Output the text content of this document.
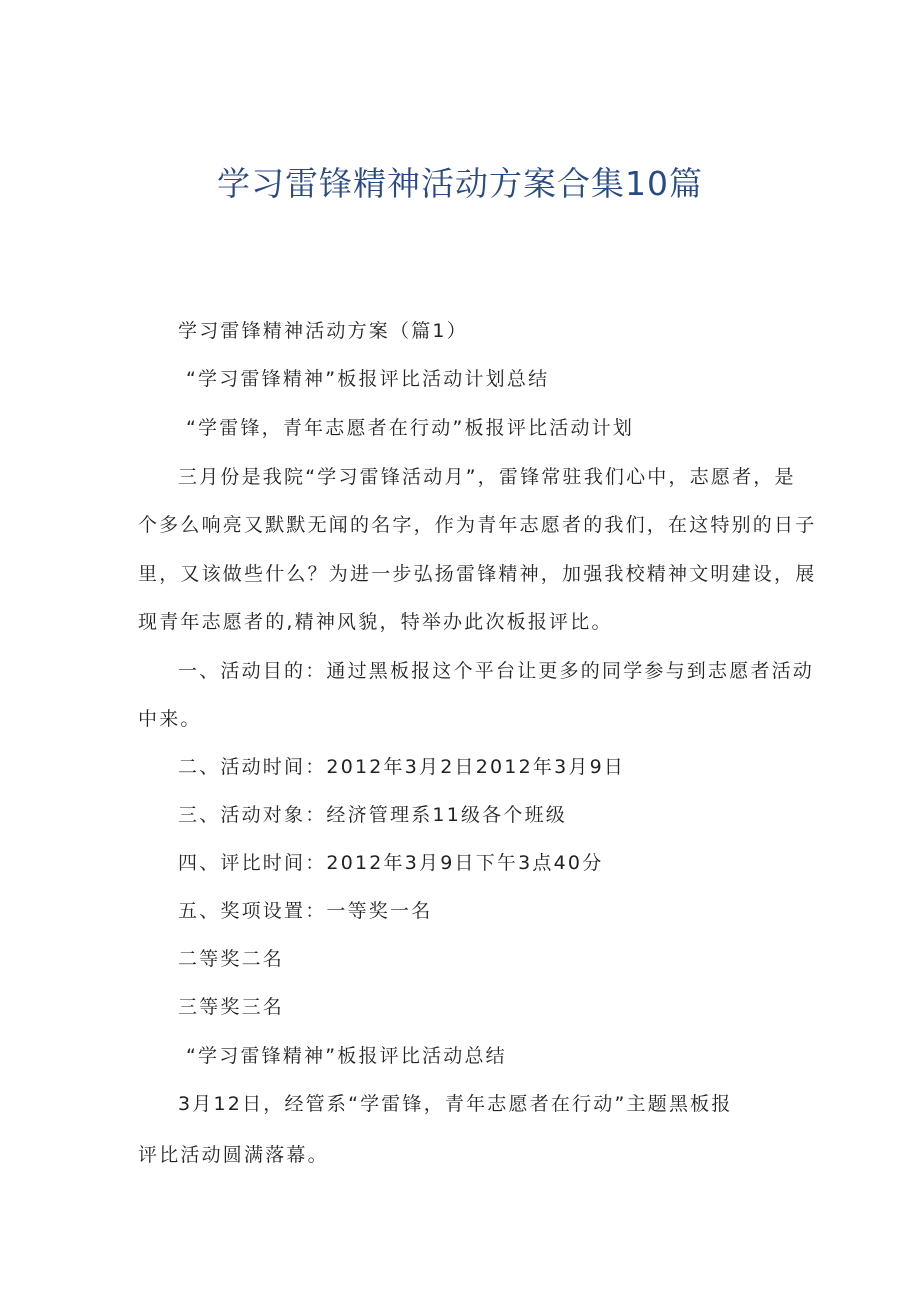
学习雷锋精神活动方案合集10篇
学习雷锋精神活动方案（篇1）
“学习雷锋精神”板报评比活动计划总结
“学雷锋，青年志愿者在行动”板报评比活动计划
三月份是我院“学习雷锋活动月”，雷锋常驻我们心中，志愿者，是
个多么响亮又默默无闻的名字，作为青年志愿者的我们，在这特别的日子
里，又该做些什么？为进一步弘扬雷锋精神，加强我校精神文明建设，展
现青年志愿者的,精神风貌，特举办此次板报评比。
一、活动目的：通过黑板报这个平台让更多的同学参与到志愿者活动
中来。
二、活动时间：2012年3月2日2012年3月9日
三、活动对象：经济管理系11级各个班级
四、评比时间：2012年3月9日下午3点40分
五、奖项设置：一等奖一名
二等奖二名
三等奖三名
“学习雷锋精神”板报评比活动总结
3月12日，经管系“学雷锋，青年志愿者在行动”主题黑板报
评比活动圆满落幕。
